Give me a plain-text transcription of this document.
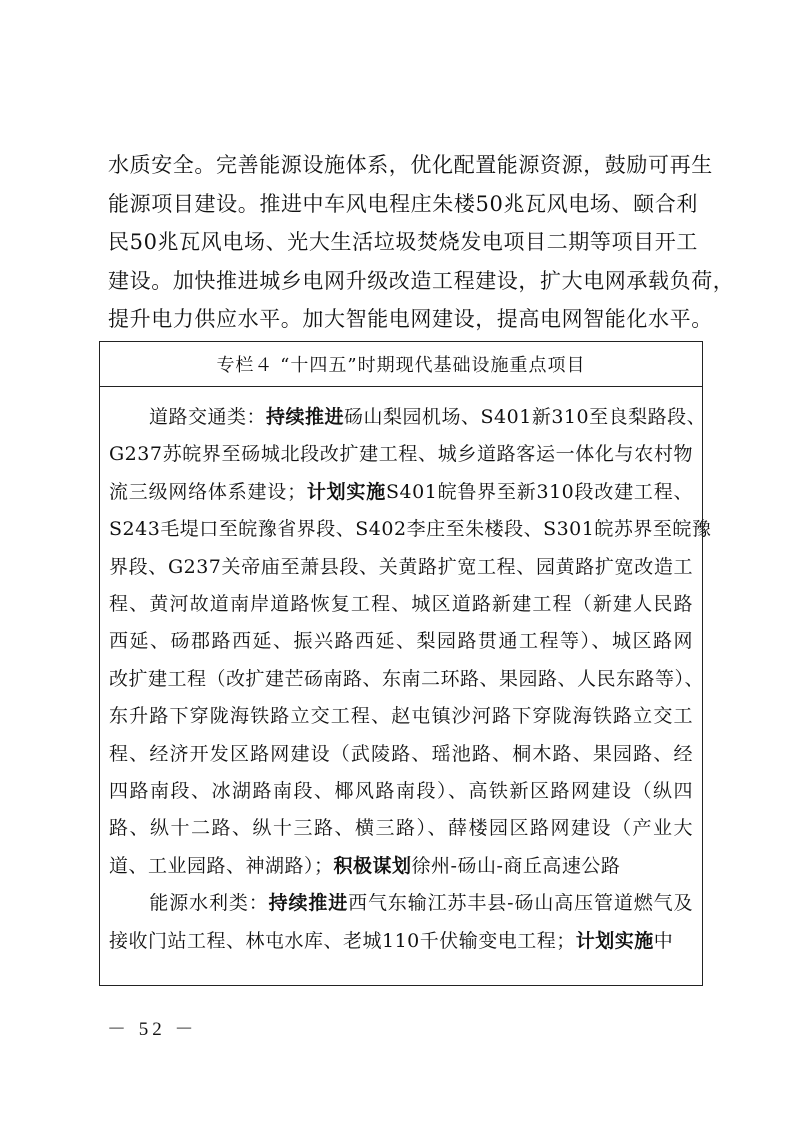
水质安全。完善能源设施体系，优化配置能源资源，鼓励可再生
能源项目建设。推进中车风电程庄朱楼50兆瓦风电场、颐合利
民50兆瓦风电场、光大生活垃圾焚烧发电项目二期等项目开工
建设。加快推进城乡电网升级改造工程建设，扩大电网承载负荷，
提升电力供应水平。加大智能电网建设，提高电网智能化水平。
专栏４ “十四五”时期现代基础设施重点项目
道路交通类：持续推进砀山梨园机场、S401新310至良梨路段、
G237苏皖界至砀城北段改扩建工程、城乡道路客运一体化与农村物
流三级网络体系建设；计划实施S401皖鲁界至新310段改建工程、
S243毛堤口至皖豫省界段、S402李庄至朱楼段、S301皖苏界至皖豫
界段、G237关帝庙至萧县段、关黄路扩宽工程、园黄路扩宽改造工
程、黄河故道南岸道路恢复工程、城区道路新建工程（新建人民路
西延、砀郡路西延、振兴路西延、梨园路贯通工程等）、城区路网
改扩建工程（改扩建芒砀南路、东南二环路、果园路、人民东路等）、
东升路下穿陇海铁路立交工程、赵屯镇沙河路下穿陇海铁路立交工
程、经济开发区路网建设（武陵路、瑶池路、桐木路、果园路、经
四路南段、冰湖路南段、椰风路南段）、高铁新区路网建设（纵四
路、纵十二路、纵十三路、横三路）、薛楼园区路网建设（产业大
道、工业园路、神湖路）；积极谋划徐州-砀山-商丘高速公路
能源水利类：持续推进西气东输江苏丰县-砀山高压管道燃气及
接收门站工程、林屯水库、老城110千伏输变电工程；计划实施中
－ 52 －
